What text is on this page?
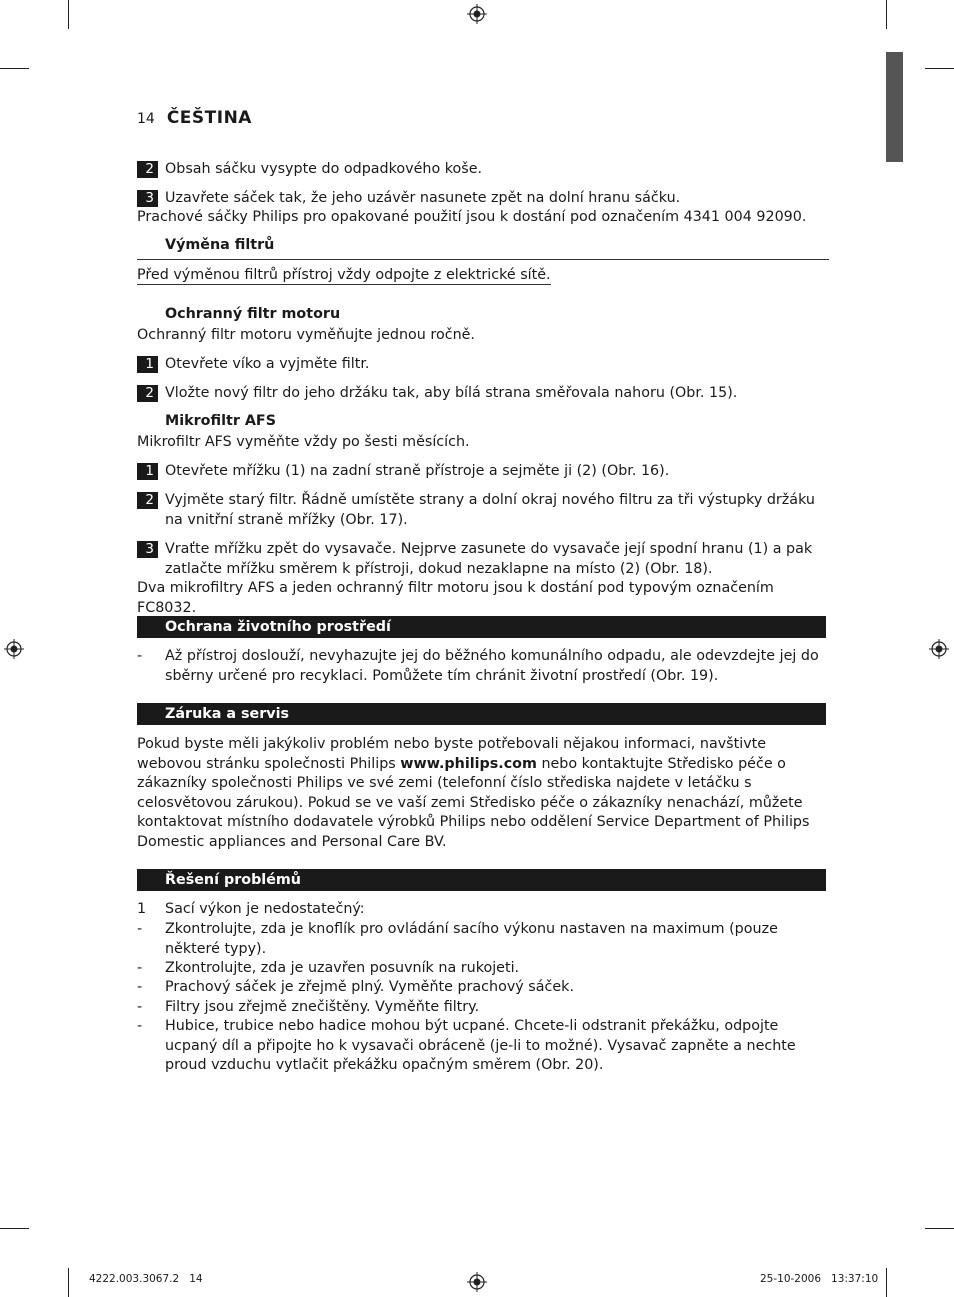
14 ČEŠTINA
2 Obsah sáčku vysypte do odpadkového koše.
3 Uzavřete sáček tak, že jeho uzávěr nasunete zpět na dolní hranu sáčku.
Prachové sáčky Philips pro opakované použití jsou k dostání pod označením 4341 004 92090.
Výměna filtrů
Před výměnou filtrů přístroj vždy odpojte z elektrické sítě.
Ochranný filtr motoru
Ochranný filtr motoru vyměňujte jednou ročně.
1 Otevřete víko a vyjměte filtr.
2 Vložte nový filtr do jeho držáku tak, aby bílá strana směřovala nahoru (Obr. 15).
Mikrofiltr AFS
Mikrofiltr AFS vyměňte vždy po šesti měsících.
1 Otevřete mřížku (1) na zadní straně přístroje a sejměte ji (2) (Obr. 16).
2 Vyjměte starý filtr. Řádně umístěte strany a dolní okraj nového filtru za tři výstupky držáku na vnitřní straně mřížky (Obr. 17).
3 Vraťte mřížku zpět do vysavače. Nejprve zasunete do vysavače její spodní hranu (1) a pak zatlačte mřížku směrem k přístroji, dokud nezaklapne na místo (2) (Obr. 18).
Dva mikrofiltry AFS a jeden ochranný filtr motoru jsou k dostání pod typovým označením FC8032.
Ochrana životního prostředí
- Až přístroj doslouží, nevyhazujte jej do běžného komunálního odpadu, ale odevzdejte jej do sběrny určené pro recyklaci. Pomůžete tím chránit životní prostředí (Obr. 19).
Záruka a servis
Pokud byste měli jakýkoliv problém nebo byste potřebovali nějakou informaci, navštivte webovou stránku společnosti Philips www.philips.com nebo kontaktujte Středisko péče o zákazníky společnosti Philips ve své zemi (telefonní číslo střediska najdete v letáčku s celosvětovou zárukou). Pokud se ve vaší zemi Středisko péče o zákazníky nenachází, můžete kontaktovat místního dodavatele výrobků Philips nebo oddělení Service Department of Philips Domestic appliances and Personal Care BV.
Řešení problémů
1 Sací výkon je nedostatečný:
- Zkontrolujte, zda je knoflík pro ovládání sacího výkonu nastaven na maximum (pouze některé typy).
- Zkontrolujte, zda je uzavřen posuvník na rukojeti.
- Prachový sáček je zřejmě plný. Vyměňte prachový sáček.
- Filtry jsou zřejmě znečištěny. Vyměňte filtry.
- Hubice, trubice nebo hadice mohou být ucpané. Chcete-li odstranit překážku, odpojte ucpaný díl a připojte ho k vysavači obráceně (je-li to možné). Vysavač zapněte a nechte proud vzduchu vytlačit překážku opačným směrem (Obr. 20).
4222.003.3067.2   14	25-10-2006   13:37:10
